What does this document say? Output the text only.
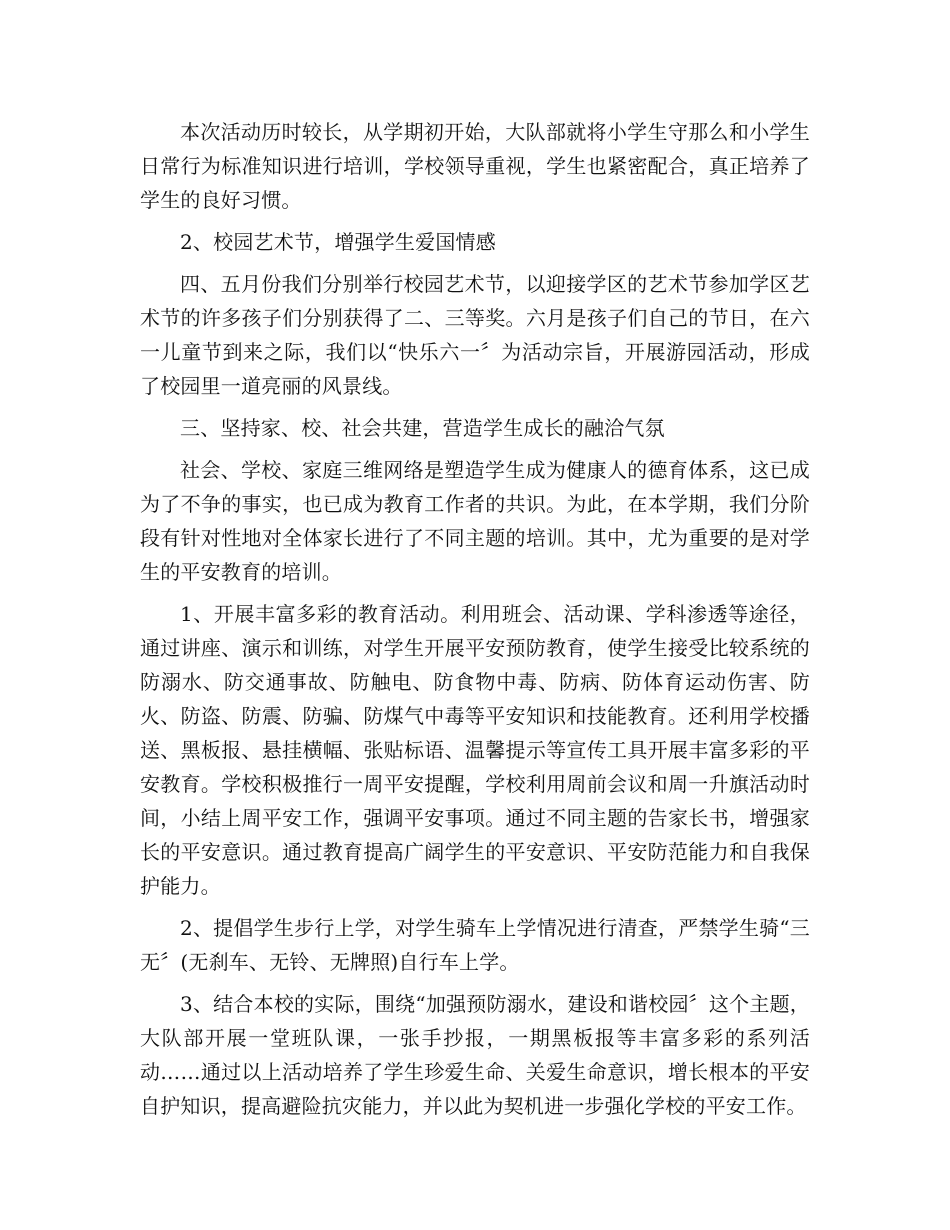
本次活动历时较长，从学期初开始，大队部就将小学生守那么和小学生日常行为标准知识进行培训，学校领导重视，学生也紧密配合，真正培养了学生的良好习惯。

2、校园艺术节，增强学生爱国情感

四、五月份我们分别举行校园艺术节，以迎接学区的艺术节参加学区艺术节的许多孩子们分别获得了二、三等奖。六月是孩子们自己的节日，在六一儿童节到来之际，我们以“快乐六一〞为活动宗旨，开展游园活动，形成了校园里一道亮丽的风景线。

三、坚持家、校、社会共建，营造学生成长的融洽气氛

社会、学校、家庭三维网络是塑造学生成为健康人的德育体系，这已成为了不争的事实，也已成为教育工作者的共识。为此，在本学期，我们分阶段有针对性地对全体家长进行了不同主题的培训。其中，尤为重要的是对学生的平安教育的培训。

1、开展丰富多彩的教育活动。利用班会、活动课、学科渗透等途径，通过讲座、演示和训练，对学生开展平安预防教育，使学生接受比较系统的防溺水、防交通事故、防触电、防食物中毒、防病、防体育运动伤害、防火、防盗、防震、防骗、防煤气中毒等平安知识和技能教育。还利用学校播送、黑板报、悬挂横幅、张贴标语、温馨提示等宣传工具开展丰富多彩的平安教育。学校积极推行一周平安提醒，学校利用周前会议和周一升旗活动时间，小结上周平安工作，强调平安事项。通过不同主题的告家长书，增强家长的平安意识。通过教育提高广阔学生的平安意识、平安防范能力和自我保护能力。

2、提倡学生步行上学，对学生骑车上学情况进行清查，严禁学生骑“三无〞(无刹车、无铃、无牌照)自行车上学。

3、结合本校的实际，围绕“加强预防溺水，建设和谐校园〞这个主题，大队部开展一堂班队课，一张手抄报，一期黑板报等丰富多彩的系列活动……通过以上活动培养了学生珍爱生命、关爱生命意识，增长根本的平安自护知识，提高避险抗灾能力，并以此为契机进一步强化学校的平安工作。
